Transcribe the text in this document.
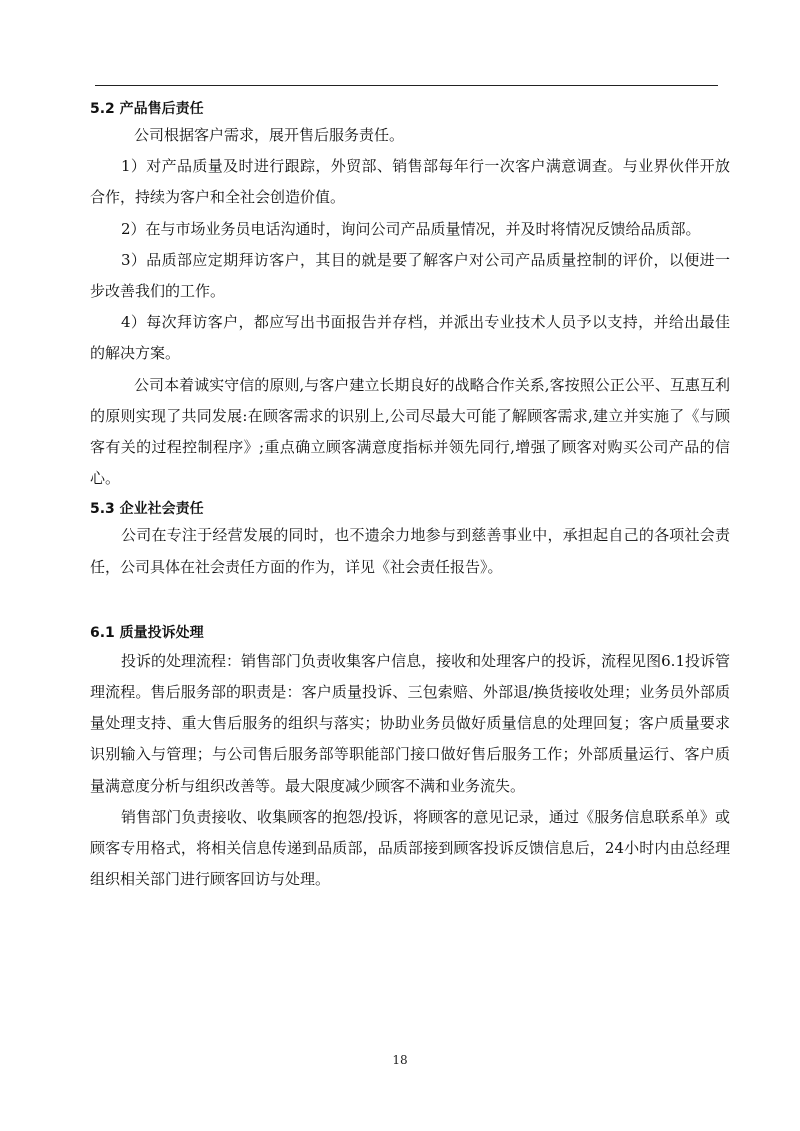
5.2 产品售后责任

公司根据客户需求，展开售后服务责任。

1）对产品质量及时进行跟踪，外贸部、销售部每年行一次客户满意调查。与业界伙伴开放合作，持续为客户和全社会创造价值。

2）在与市场业务员电话沟通时，询问公司产品质量情况，并及时将情况反馈给品质部。

3）品质部应定期拜访客户，其目的就是要了解客户对公司产品质量控制的评价，以便进一步改善我们的工作。

4）每次拜访客户，都应写出书面报告并存档，并派出专业技术人员予以支持，并给出最佳的解决方案。

公司本着诚实守信的原则,与客户建立长期良好的战略合作关系,客按照公正公平、互惠互利的原则实现了共同发展:在顾客需求的识别上,公司尽最大可能了解顾客需求,建立并实施了《与顾客有关的过程控制程序》;重点确立顾客满意度指标并领先同行,增强了顾客对购买公司产品的信心。

5.3 企业社会责任

公司在专注于经营发展的同时，也不遗余力地参与到慈善事业中，承担起自己的各项社会责任，公司具体在社会责任方面的作为，详见《社会责任报告》。

6.1 质量投诉处理

投诉的处理流程：销售部门负责收集客户信息，接收和处理客户的投诉，流程见图6.1投诉管理流程。售后服务部的职责是：客户质量投诉、三包索赔、外部退/换货接收处理；业务员外部质量处理支持、重大售后服务的组织与落实；协助业务员做好质量信息的处理回复；客户质量要求识别输入与管理；与公司售后服务部等职能部门接口做好售后服务工作；外部质量运行、客户质量满意度分析与组织改善等。最大限度减少顾客不满和业务流失。

销售部门负责接收、收集顾客的抱怨/投诉，将顾客的意见记录，通过《服务信息联系单》或顾客专用格式，将相关信息传递到品质部，品质部接到顾客投诉反馈信息后，24小时内由总经理组织相关部门进行顾客回访与处理。

18
